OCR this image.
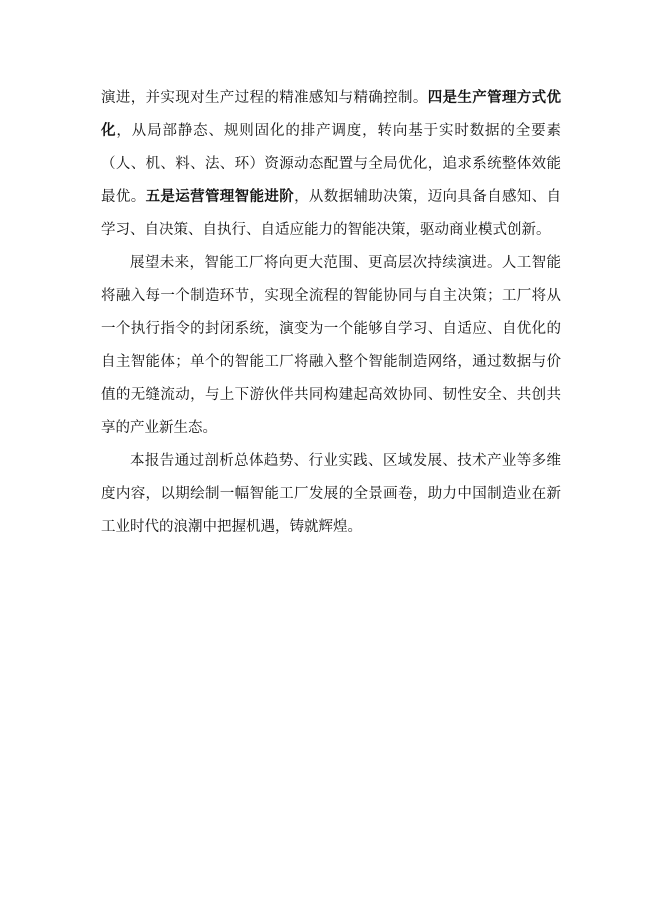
演进，并实现对生产过程的精准感知与精确控制。四是生产管理方式优化，从局部静态、规则固化的排产调度，转向基于实时数据的全要素（人、机、料、法、环）资源动态配置与全局优化，追求系统整体效能最优。五是运营管理智能进阶，从数据辅助决策，迈向具备自感知、自学习、自决策、自执行、自适应能力的智能决策，驱动商业模式创新。

展望未来，智能工厂将向更大范围、更高层次持续演进。人工智能将融入每一个制造环节，实现全流程的智能协同与自主决策；工厂将从一个执行指令的封闭系统，演变为一个能够自学习、自适应、自优化的自主智能体；单个的智能工厂将融入整个智能制造网络，通过数据与价值的无缝流动，与上下游伙伴共同构建起高效协同、韧性安全、共创共享的产业新生态。

本报告通过剖析总体趋势、行业实践、区域发展、技术产业等多维度内容，以期绘制一幅智能工厂发展的全景画卷，助力中国制造业在新工业时代的浪潮中把握机遇，铸就辉煌。
